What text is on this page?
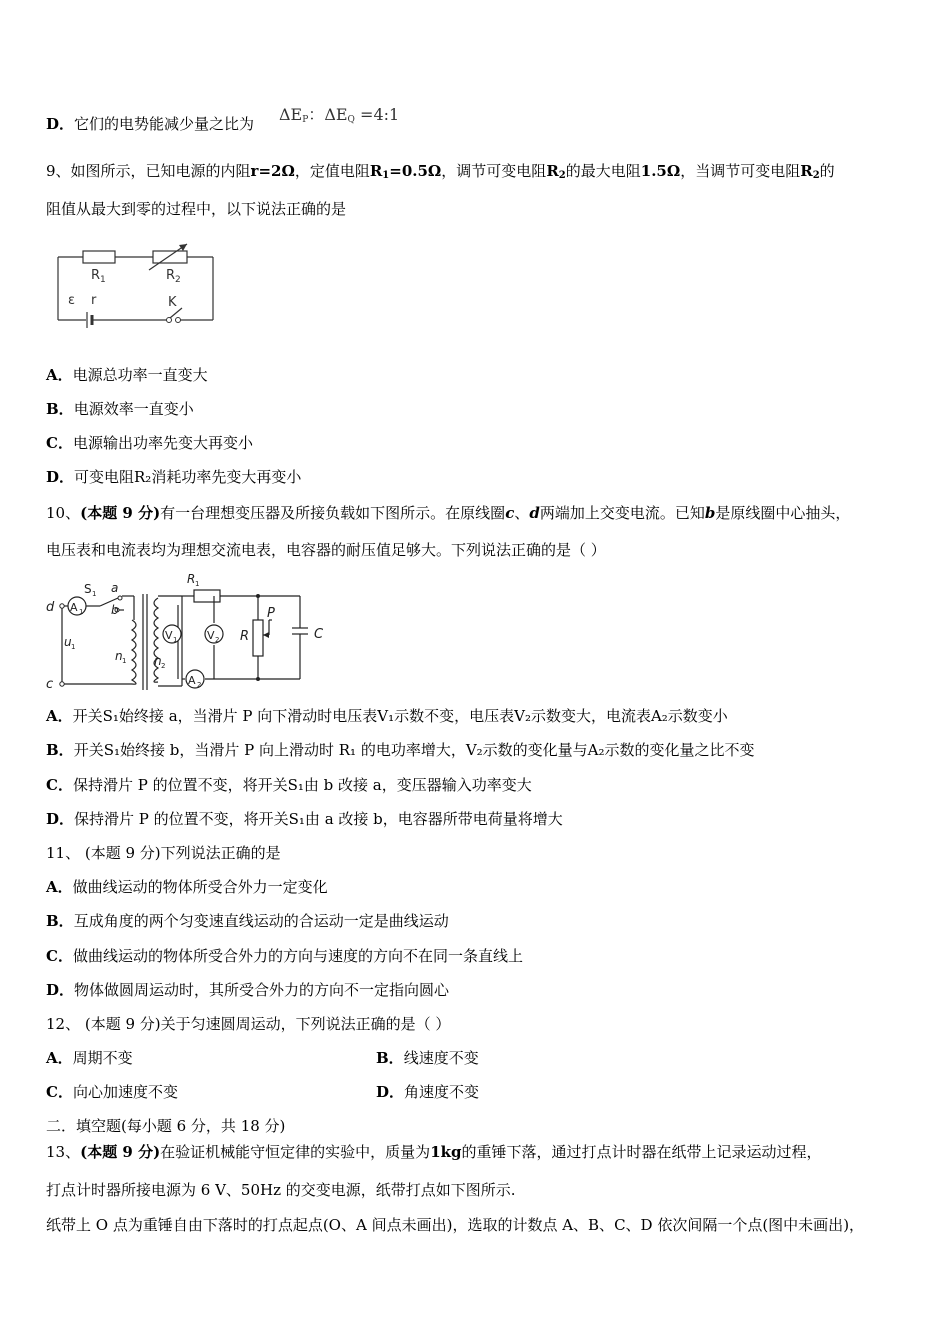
D．它们的电势能减少量之比为 $\Delta E_P$：$\Delta E_Q$ =4:1
9、如图所示，已知电源的内阻r=2Ω，定值电阻$R_1=0.5\Omega$，调节可变电阻$R_2$的最大电阻1.5Ω，当调节可变电阻$R_2$的
阻值从最大到零的过程中，以下说法正确的是
R 1	R 2
ε r	K
A．电源总功率一直变大
B．电源效率一直变小
C．电源输出功率先变大再变小
D．可变电阻R₂消耗功率先变大再变小
10、(本题 9 分)有一台理想变压器及所接负载如下图所示。在原线圈c、d两端加上交变电流。已知b是原线圈中心抽头，
电压表和电流表均为理想交流电表，电容器的耐压值足够大。下列说法正确的是（ ）
d
c
A 1
S 1 a
b
u 1
n 1 n 2
V 1	V 2
A 2
R 1
R
P
C
A．开关S₁始终接 a，当滑片 P 向下滑动时电压表V₁示数不变，电压表V₂示数变大，电流表A₂示数变小
B．开关S₁始终接 b，当滑片 P 向上滑动时 R₁ 的电功率增大，V₂示数的变化量与A₂示数的变化量之比不变
C．保持滑片 P 的位置不变，将开关S₁由 b 改接 a，变压器输入功率变大
D．保持滑片 P 的位置不变，将开关S₁由 a 改接 b，电容器所带电荷量将增大
11、 (本题 9 分)下列说法正确的是
A．做曲线运动的物体所受合外力一定变化
B．互成角度的两个匀变速直线运动的合运动一定是曲线运动
C．做曲线运动的物体所受合外力的方向与速度的方向不在同一条直线上
D．物体做圆周运动时，其所受合外力的方向不一定指向圆心
12、 (本题 9 分)关于匀速圆周运动，下列说法正确的是（ ）
A．周期不变	B．线速度不变
C．向心加速度不变	D．角速度不变
二．填空题(每小题 6 分，共 18 分)
13、(本题 9 分)在验证机械能守恒定律的实验中，质量为1kg的重锤下落，通过打点计时器在纸带上记录运动过程，
打点计时器所接电源为 6 V、50Hz 的交变电源，纸带打点如下图所示.
纸带上 O 点为重锤自由下落时的打点起点(O、A 间点未画出)，选取的计数点 A、B、C、D 依次间隔一个点(图中未画出)，
